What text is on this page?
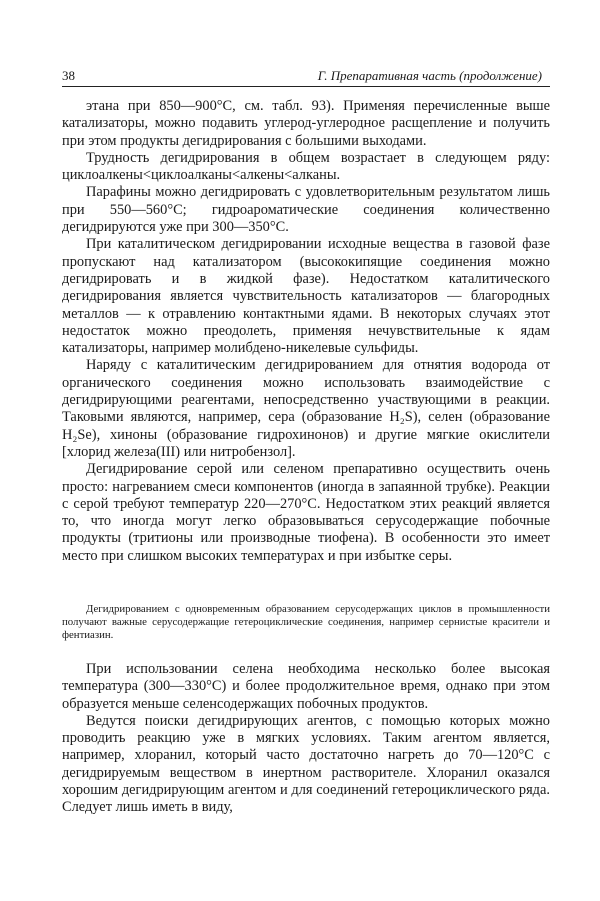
38	Г. Препаративная часть (продолжение)

этана при 850—900°С, см. табл. 93). Применяя перечисленные выше катализаторы, можно подавить углерод-углеродное расщепление и получить при этом продукты дегидрирования с большими выходами.

Трудность дегидрирования в общем возрастает в следующем ряду: циклоалкены<циклоалканы<алкены<алканы.

Парафины можно дегидрировать с удовлетворительным результатом лишь при 550—560°С; гидроароматические соединения количественно дегидрируются уже при 300—350°С.

При каталитическом дегидрировании исходные вещества в газовой фазе пропускают над катализатором (высококипящие соединения можно дегидрировать и в жидкой фазе). Недостатком каталитического дегидрирования является чувствительность катализаторов — благородных металлов — к отравлению контактными ядами. В некоторых случаях этот недостаток можно преодолеть, применяя нечувствительные к ядам катализаторы, например молибдено-никелевые сульфиды.

Наряду с каталитическим дегидрированием для отнятия водорода от органического соединения можно использовать взаимодействие с дегидрирующими реагентами, непосредственно участвующими в реакции. Таковыми являются, например, сера (образование H₂S), селен (образование H₂Se), хиноны (образование гидрохинонов) и другие мягкие окислители [хлорид железа(III) или нитробензол].

Дегидрирование серой или селеном препаративно осуществить очень просто: нагреванием смеси компонентов (иногда в запаянной трубке). Реакции с серой требуют температур 220—270°С. Недостатком этих реакций является то, что иногда могут легко образовываться серусодержащие побочные продукты (тритионы или производные тиофена). В особенности это имеет место при слишком высоких температурах и при избытке серы.

Дегидрированием с одновременным образованием серусодержащих циклов в промышленности получают важные серусодержащие гетероциклические соединения, например сернистые красители и фентиазин.

При использовании селена необходима несколько более высокая температура (300—330°С) и более продолжительное время, однако при этом образуется меньше селенсодержащих побочных продуктов.

Ведутся поиски дегидрирующих агентов, с помощью которых можно проводить реакцию уже в мягких условиях. Таким агентом является, например, хлоранил, который часто достаточно нагреть до 70—120°С с дегидрируемым веществом в инертном растворителе. Хлоранил оказался хорошим дегидрирующим агентом и для соединений гетероциклического ряда. Следует лишь иметь в виду,
